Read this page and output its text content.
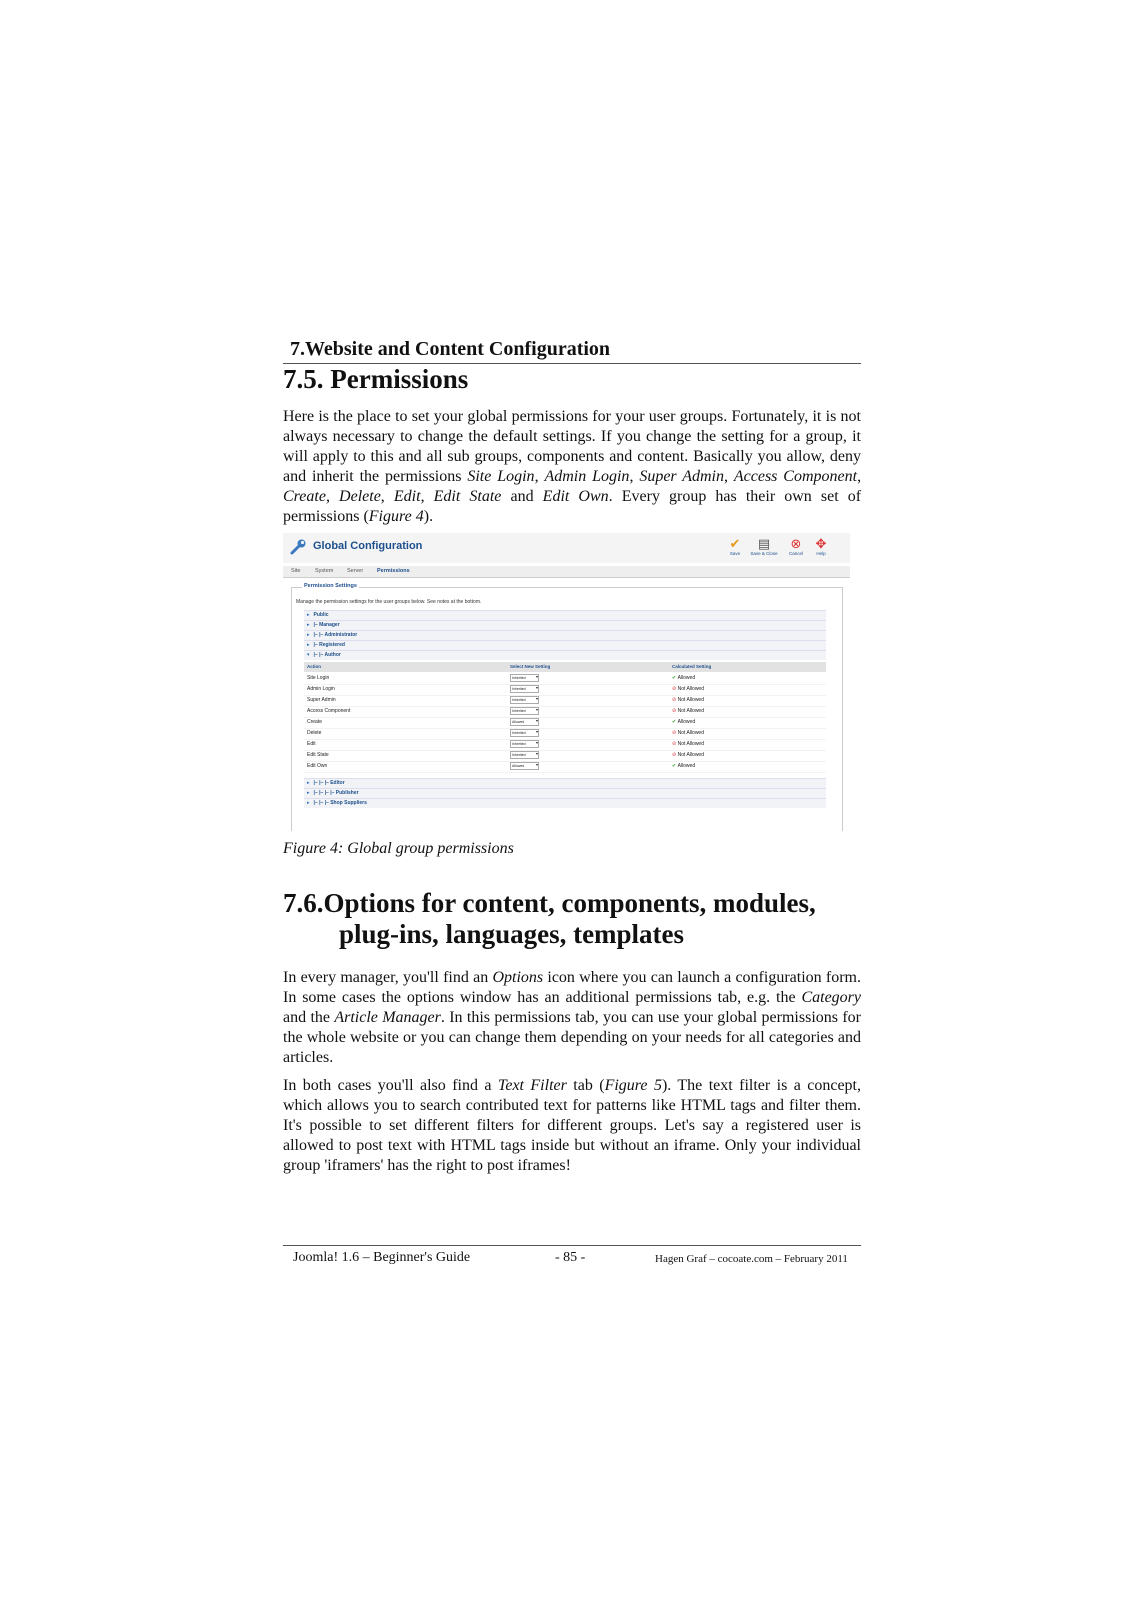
7.Website and Content Configuration
7.5. Permissions
Here is the place to set your global permissions for your user groups. Fortunately, it is not always necessary to change the default settings. If you change the setting for a group, it will apply to this and all sub groups, components and content. Basically you allow, deny and inherit the permissions Site Login, Admin Login, Super Admin, Access Component, Create, Delete, Edit, Edit State and Edit Own. Every group has their own set of permissions (Figure 4).
Global Configuration	✔
Save
▤
Save & Close
⊗
Cancel
✥
Help
Site	System Server	Permissions
Permission Settings
Manage the permission settings for the user groups below. See notes at the bottom.
▸ Public
▸ |– Manager
▸ |– |– Administrator
▸ |– Registered
▾ |– |– Author
Action	Select New Setting	Calculated Setting
Site Login	Inherited ▾	✔ Allowed
Admin Login	Inherited ▾	⊘ Not Allowed
Super Admin	Inherited ▾	⊘ Not Allowed
Access Component	Inherited ▾	⊘ Not Allowed
Create	Allowed ▾	✔ Allowed
Delete	Inherited ▾	⊘ Not Allowed
Edit	Inherited ▾	⊘ Not Allowed
Edit State	Inherited ▾	⊘ Not Allowed
Edit Own	Allowed ▾	✔ Allowed
▸ |– |– |– Editor
▸ |– |– |– |– Publisher
▸ |– |– |– Shop Suppliers
Figure 4: Global group permissions
7.6.Options for content, components, modules,
plug-ins, languages, templates
In every manager, you'll find an Options icon where you can launch a configuration form. In some cases the options window has an additional permissions tab, e.g. the Category and the Article Manager. In this permissions tab, you can use your global permissions for the whole website or you can change them depending on your needs for all categories and articles.
In both cases you'll also find a Text Filter tab (Figure 5). The text filter is a concept, which allows you to search contributed text for patterns like HTML tags and filter them. It's possible to set different filters for different groups. Let's say a registered user is allowed to post text with HTML tags inside but without an iframe. Only your individual group 'iframers' has the right to post iframes!
Joomla! 1.6 – Beginner's Guide	- 85 -	Hagen Graf – cocoate.com – February 2011
